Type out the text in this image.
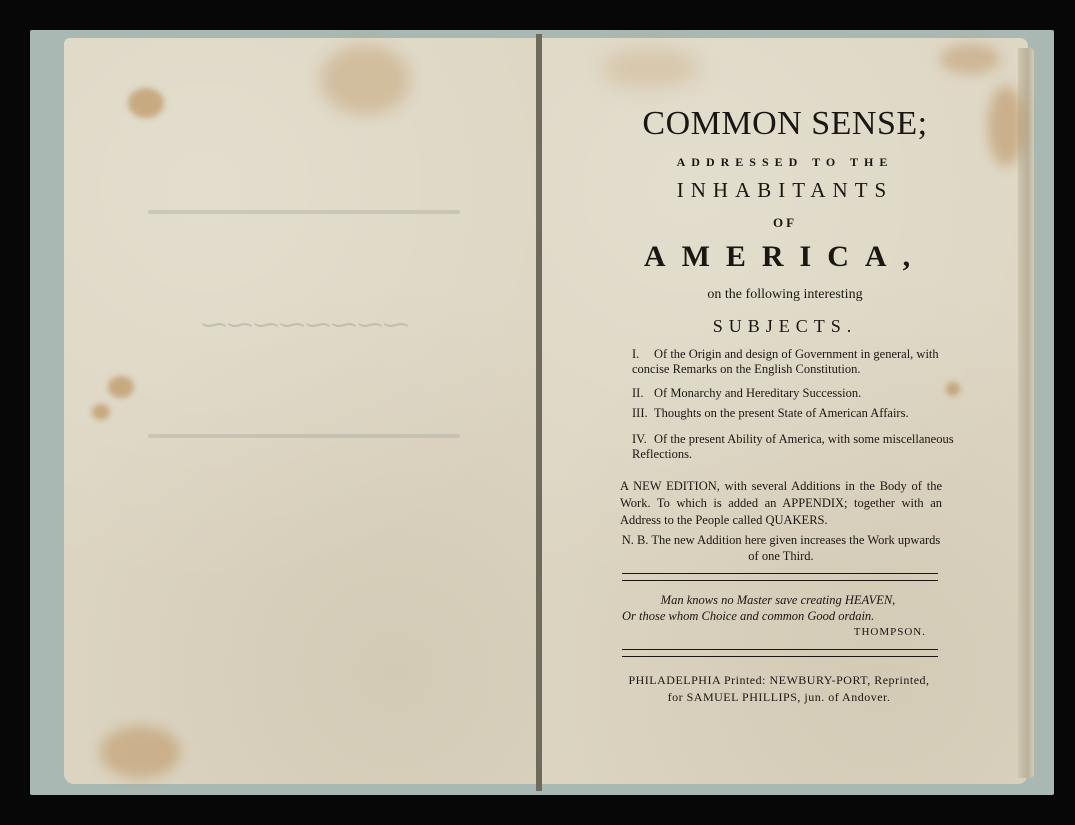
⁓⁓⁓⁓⁓⁓⁓⁓
COMMON SENSE;
ADDRESSED TO THE
INHABITANTS
OF
AMERICA,
on the following interesting
SUBJECTS.
I. Of the Origin and design of Government in general, with concise Remarks on the English Constitution.
II. Of Monarchy and Hereditary Succession.
III. Thoughts on the present State of American Affairs.
IV. Of the present Ability of America, with some miscellaneous Reflections.
A NEW EDITION, with several Additions in the Body of the Work. To which is added an APPENDIX; together with an Address to the People called QUAKERS.
N. B. The new Addition here given increases the Work upwards of one Third.
Man knows no Master save creating HEAVEN,
Or those whom Choice and common Good ordain.
THOMPSON.
PHILADELPHIA Printed: NEWBURY-PORT, Reprinted,
for SAMUEL PHILLIPS, jun. of Andover.
